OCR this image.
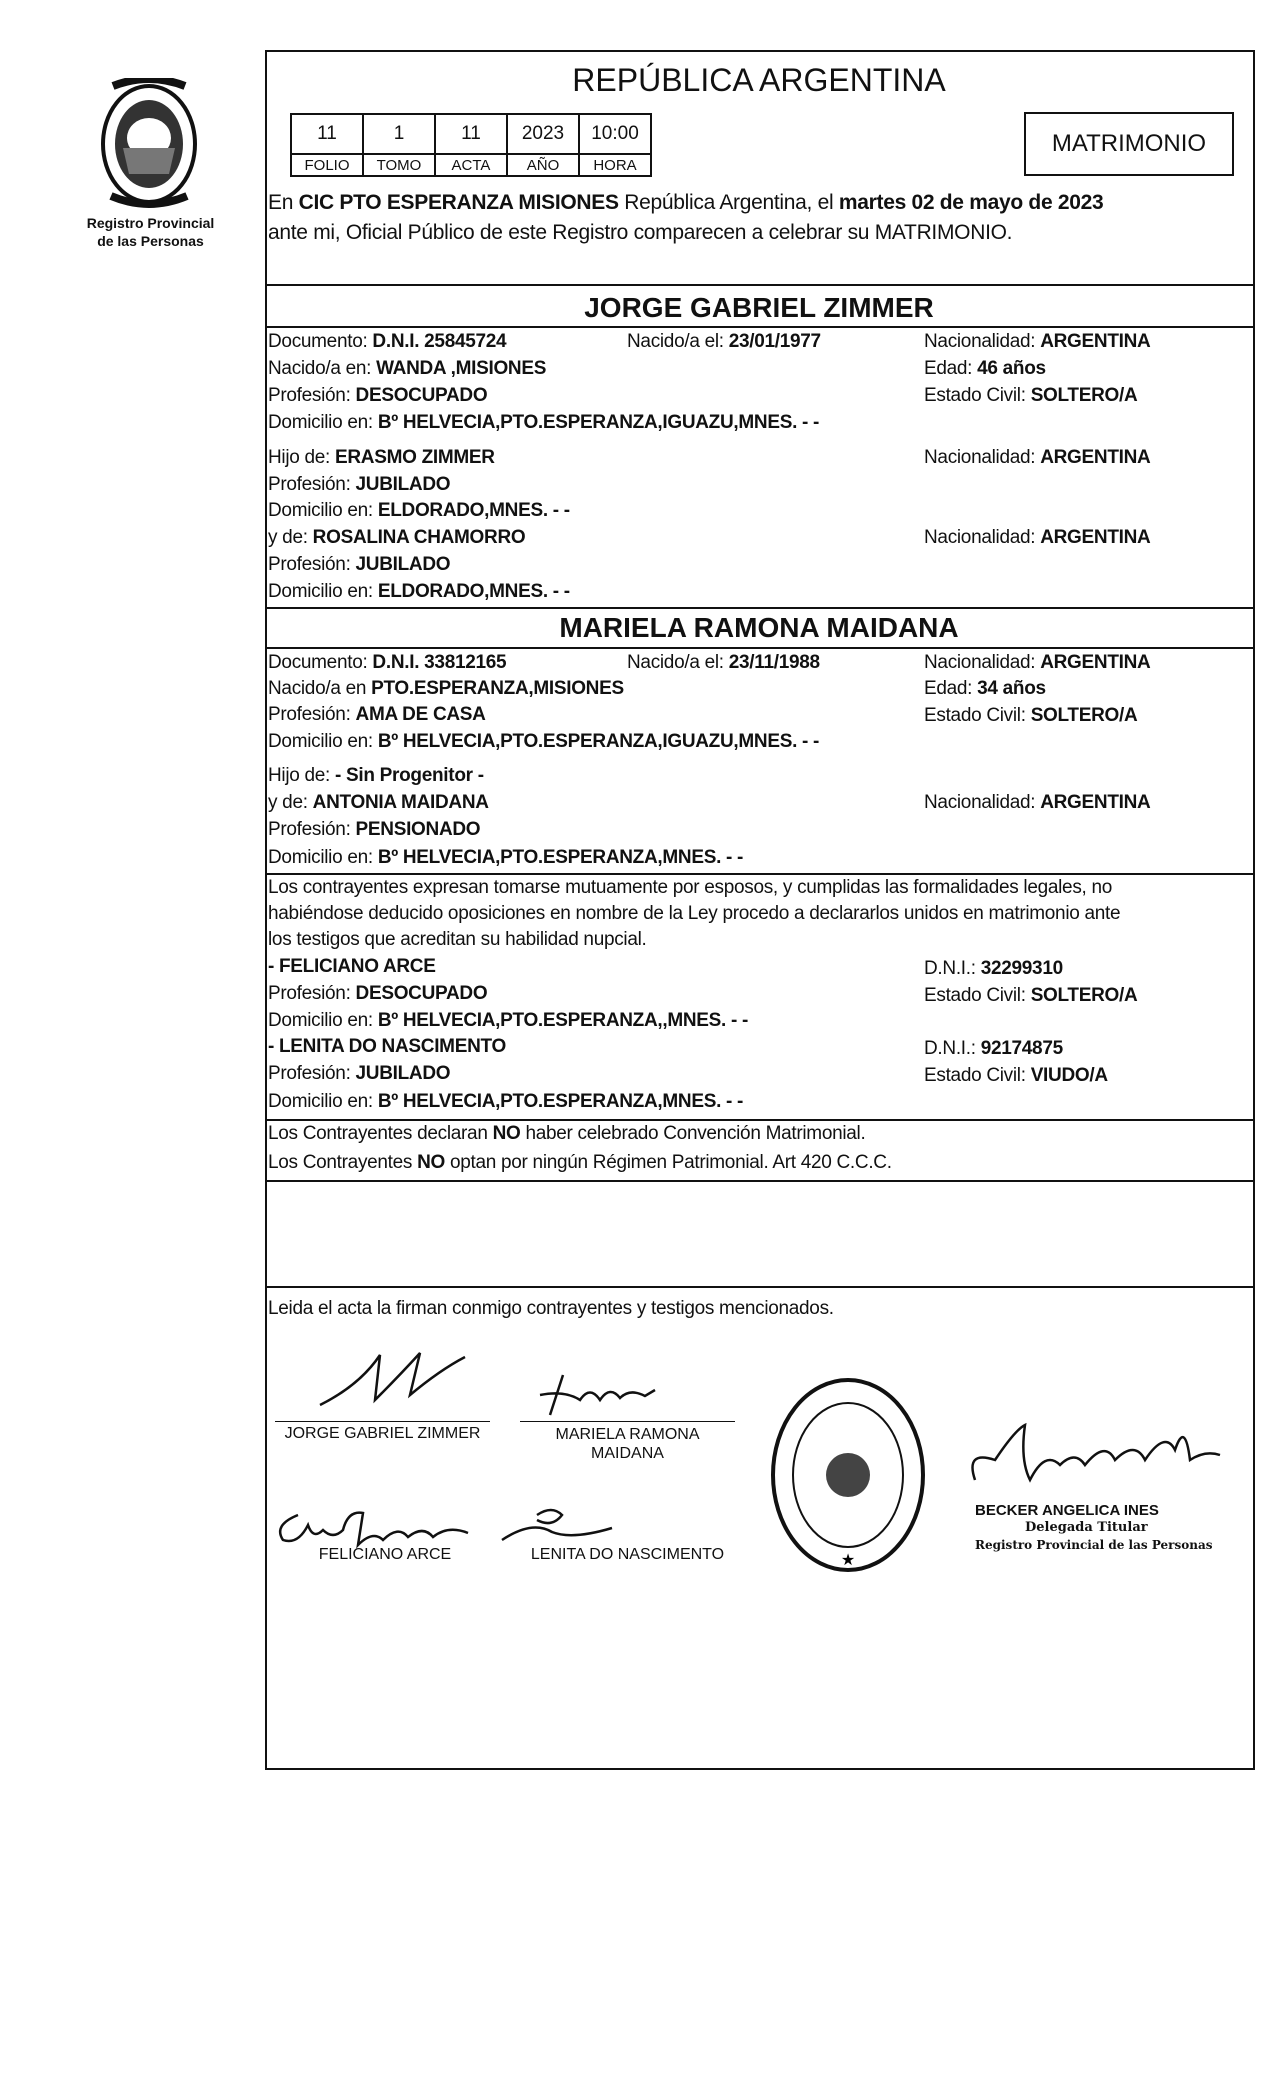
Registro Provincial
de las Personas
REPÚBLICA ARGENTINA
11	1	11	2023	10:00
FOLIO	TOMO	ACTA	AÑO	HORA
MATRIMONIO
En CIC PTO ESPERANZA MISIONES República Argentina, el martes 02 de mayo de 2023
ante mi, Oficial Público de este Registro comparecen a celebrar su MATRIMONIO.
JORGE GABRIEL ZIMMER
MARIELA RAMONA MAIDANA
Documento: D.N.I. 25845724	Nacido/a el: 23/01/1977	Nacionalidad: ARGENTINA
Nacido/a en: WANDA ,MISIONES	Edad: 46 años
Profesión: DESOCUPADO	Estado Civil: SOLTERO/A
Domicilio en: Bº HELVECIA,PTO.ESPERANZA,IGUAZU,MNES. - -
Hijo de: ERASMO ZIMMER	Nacionalidad: ARGENTINA
Profesión: JUBILADO
Domicilio en: ELDORADO,MNES. - -
y de: ROSALINA CHAMORRO	Nacionalidad: ARGENTINA
Profesión: JUBILADO
Domicilio en: ELDORADO,MNES. - -
Documento: D.N.I. 33812165	Nacido/a el: 23/11/1988	Nacionalidad: ARGENTINA
Nacido/a en PTO.ESPERANZA,MISIONES	Edad: 34 años
Profesión: AMA DE CASA	Estado Civil: SOLTERO/A
Domicilio en: Bº HELVECIA,PTO.ESPERANZA,IGUAZU,MNES. - -
Hijo de: - Sin Progenitor -
y de: ANTONIA MAIDANA	Nacionalidad: ARGENTINA
Profesión: PENSIONADO
Domicilio en: Bº HELVECIA,PTO.ESPERANZA,MNES. - -
Los contrayentes expresan tomarse mutuamente por esposos, y cumplidas las formalidades legales, no
habiéndose deducido oposiciones en nombre de la Ley procedo a declararlos unidos en matrimonio ante
los testigos que acreditan su habilidad nupcial.
- FELICIANO ARCE	D.N.I.: 32299310
Profesión: DESOCUPADO	Estado Civil: SOLTERO/A
Domicilio en: Bº HELVECIA,PTO.ESPERANZA,,MNES. - -
- LENITA DO NASCIMENTO	D.N.I.: 92174875
Profesión: JUBILADO	Estado Civil: VIUDO/A
Domicilio en: Bº HELVECIA,PTO.ESPERANZA,MNES. - -
Los Contrayentes declaran NO haber celebrado Convención Matrimonial.
Los Contrayentes NO optan por ningún Régimen Patrimonial. Art 420 C.C.C.
Leida el acta la firman conmigo contrayentes y testigos mencionados.
JORGE GABRIEL ZIMMER	MARIELA RAMONA
MAIDANA
FELICIANO ARCE	LENITA DO NASCIMENTO	★
BECKER ANGELICA INES
Delegada Titular
Registro Provincial de las Personas
